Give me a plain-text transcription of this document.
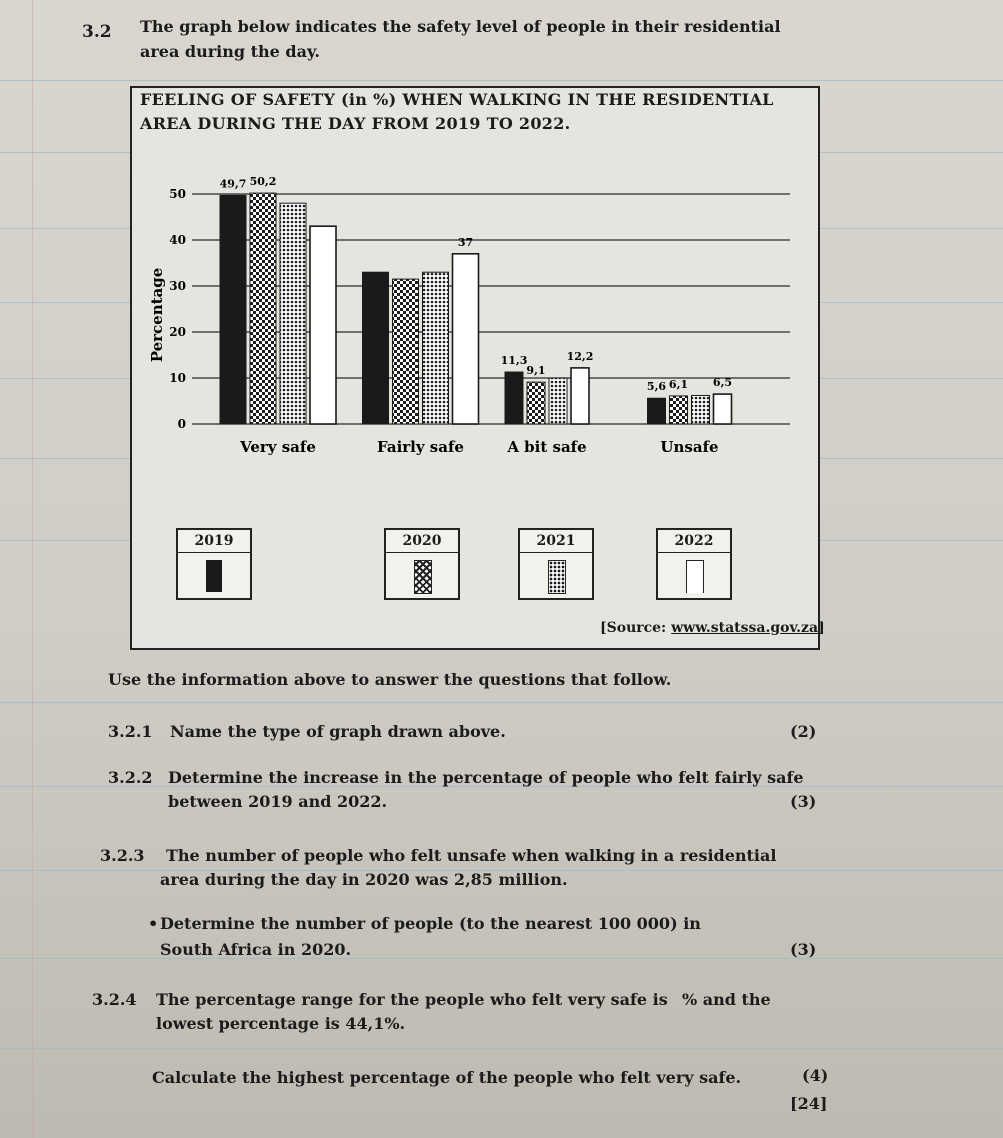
3.2 The graph below indicates the safety level of people in their residential area during the day.
FEELING OF SAFETY (in %) WHEN WALKING IN THE RESIDENTIAL AREA DURING THE DAY FROM 2019 TO 2022.
0
10
20
30
40
50
49,7 50,2
37
11,3
9,1
12,2
5,6 6,1 6,5
Very safe	Fairly safe	A bit safe	Unsafe
Percentage
2019	2020	2021	2022
[Source: www.statssa.gov.za]
Use the information above to answer the questions that follow.
3.2.1 Name the type of graph drawn above.	(2)
3.2.2 Determine the increase in the percentage of people who felt fairly safe
between 2019 and 2022.	(3)
3.2.3 The number of people who felt unsafe when walking in a residential
area during the day in 2020 was 2,85 million.
• Determine the number of people (to the nearest 100 000) in
South Africa in 2020.	(3)
3.2.4 The percentage range for the people who felt very safe is % and the
lowest percentage is 44,1%.
Calculate the highest percentage of the people who felt very safe.	(4)
[24]
